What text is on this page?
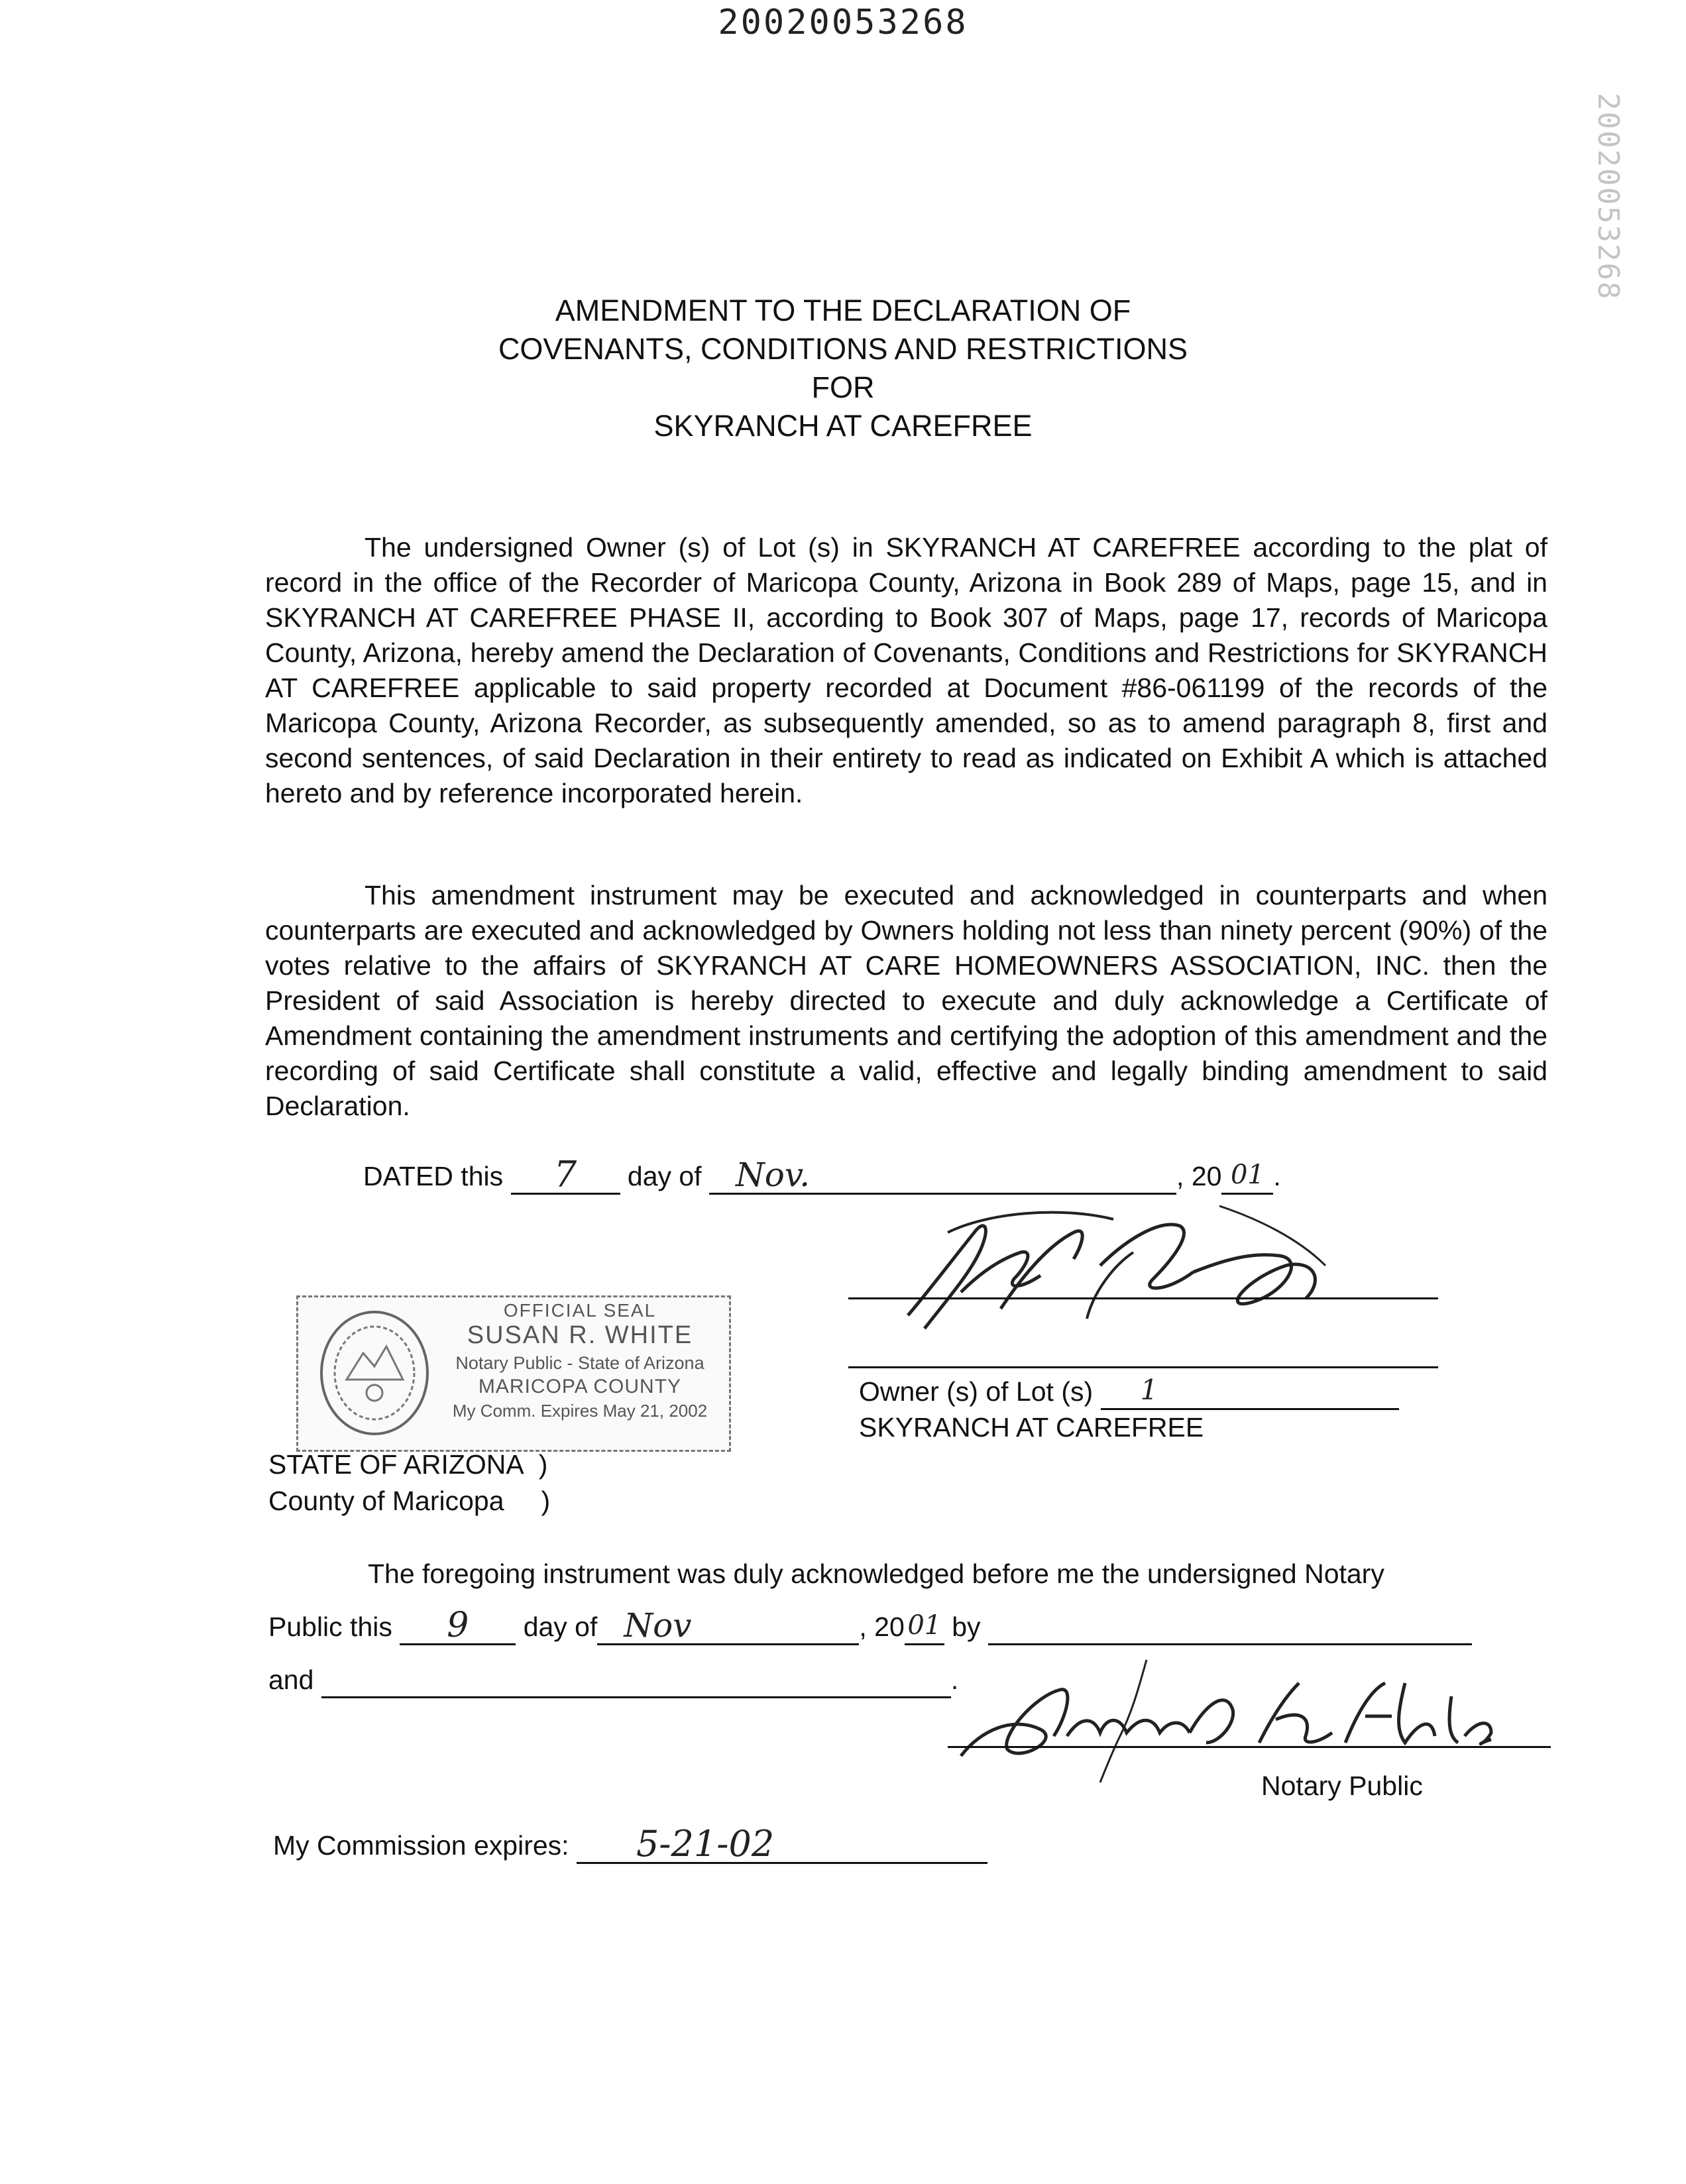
20020053268
20020053268
AMENDMENT TO THE DECLARATION OF
COVENANTS, CONDITIONS AND RESTRICTIONS
FOR
SKYRANCH AT CAREFREE
The undersigned Owner (s) of Lot (s) in SKYRANCH AT CAREFREE according to the plat of record in the office of the Recorder of Maricopa County, Arizona in Book 289 of Maps, page 15, and in SKYRANCH AT CAREFREE PHASE II, according to Book 307 of Maps, page 17, records of Maricopa County, Arizona, hereby amend the Declaration of Covenants, Conditions and Restrictions for SKYRANCH AT CAREFREE applicable to said property recorded at Document #86-061199 of the records of the Maricopa County, Arizona Recorder, as subsequently amended, so as to amend paragraph 8, first and second sentences, of said Declaration in their entirety to read as indicated on Exhibit A which is attached hereto and by reference incorporated herein.
This amendment instrument may be executed and acknowledged in counterparts and when counterparts are executed and acknowledged by Owners holding not less than ninety percent (90%) of the votes relative to the affairs of SKYRANCH AT CARE HOMEOWNERS ASSOCIATION, INC. then the President of said Association is hereby directed to execute and duly acknowledge a Certificate of Amendment containing the amendment instruments and certifying the adoption of this amendment and the recording of said Certificate shall constitute a valid, effective and legally binding amendment to said Declaration.
DATED this	7	day of	Nov.	, 20 01 .
OFFICIAL SEAL
SUSAN R. WHITE
Notary Public - State of Arizona
MARICOPA COUNTY
My Comm. Expires May 21, 2002
Owner (s) of Lot (s)	1

SKYRANCH AT CAREFREE
STATE OF ARIZONA )
County of Maricopa )
The foregoing instrument was duly acknowledged before me the undersigned Notary
Public this	9	day of Nov	, 20 01 by
and	.
Notary Public
My Commission expires:	5-21-02
